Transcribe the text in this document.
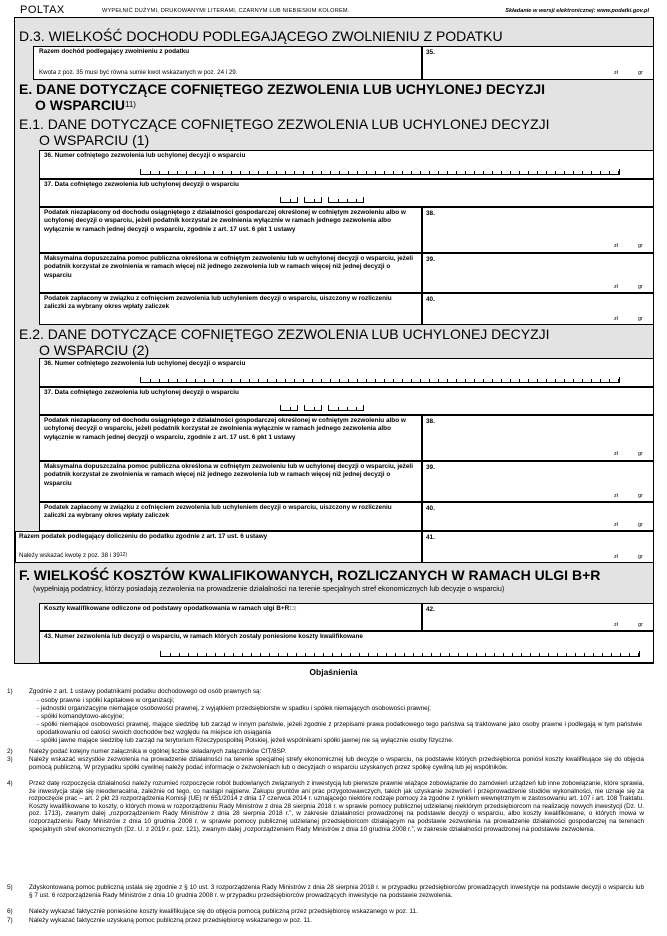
POLTAX	WYPEŁNIĆ DUŻYMI, DRUKOWANYMI LITERAMI, CZARNYM LUB NIEBIESKIM KOLOREM.	Składanie w wersji elektronicznej: www.podatki.gov.pl
D.3. WIELKOŚĆ DOCHODU PODLEGAJĄCEGO ZWOLNIENIU Z PODATKU
Razem dochód podlegający zwolnieniu z podatku
Kwota z poz. 35 musi być równa sumie kwot wskazanych w poz. 24 i 29.
35.
zł	gr
E. DANE DOTYCZĄCE COFNIĘTEGO ZEZWOLENIA LUB UCHYLONEJ DECYZJI
O WSPARCIU$^{11)}$
E.1. DANE DOTYCZĄCE COFNIĘTEGO ZEZWOLENIA LUB UCHYLONEJ DECYZJI
O WSPARCIU (1)
36. Numer cofniętego zezwolenia lub uchylonej decyzji o wsparciu
37. Data cofniętego zezwolenia lub uchylonej decyzji o wsparciu
Podatek niezapłacony od dochodu osiągniętego z działalności gospodarczej określonej w cofniętym zezwoleniu albo w uchylonej decyzji o wsparciu, jeżeli podatnik korzystał ze zwolnienia wyłącznie w ramach jednego zezwolenia albo wyłącznie w ramach jednej decyzji o wsparciu, zgodnie z art. 17 ust. 6 pkt 1 ustawy
38.
zł	gr
Maksymalna dopuszczalna pomoc publiczna określona w cofniętym zezwoleniu lub w uchylonej decyzji o wsparciu, jeżeli podatnik korzystał ze zwolnienia w ramach więcej niż jednego zezwolenia lub w ramach więcej niż jednej decyzji o wsparciu
39.
zł	gr
Podatek zapłacony w związku z cofnięciem zezwolenia lub uchyleniem decyzji o wsparciu, uiszczony w rozliczeniu zaliczki za wybrany okres wpłaty zaliczek
40.
zł	gr
E.2. DANE DOTYCZĄCE COFNIĘTEGO ZEZWOLENIA LUB UCHYLONEJ DECYZJI
O WSPARCIU (2)
36. Numer cofniętego zezwolenia lub uchylonej decyzji o wsparciu
37. Data cofniętego zezwolenia lub uchylonej decyzji o wsparciu
Podatek niezapłacony od dochodu osiągniętego z działalności gospodarczej określonej w cofniętym zezwoleniu albo w uchylonej decyzji o wsparciu, jeżeli podatnik korzystał ze zwolnienia wyłącznie w ramach jednego zezwolenia albo wyłącznie w ramach jednej decyzji o wsparciu, zgodnie z art. 17 ust. 6 pkt 1 ustawy
38.
zł	gr
Maksymalna dopuszczalna pomoc publiczna określona w cofniętym zezwoleniu lub w uchylonej decyzji o wsparciu, jeżeli podatnik korzystał ze zwolnienia w ramach więcej niż jednego zezwolenia lub w ramach więcej niż jednej decyzji o wsparciu
39.
zł	gr
Podatek zapłacony w związku z cofnięciem zezwolenia lub uchyleniem decyzji o wsparciu, uiszczony w rozliczeniu zaliczki za wybrany okres wpłaty zaliczek
40.
zł	gr
Razem podatek podlegający doliczeniu do podatku zgodnie z art. 17 ust. 6 ustawy
Należy wskazać kwotę z poz. 38 i 39$^{12)}$
41.
zł	gr
F. WIELKOŚĆ KOSZTÓW KWALIFIKOWANYCH, ROZLICZANYCH W RAMACH ULGI B+R
(wypełniają podatnicy, którzy posiadają zezwolenia na prowadzenie działalności na terenie specjalnych stref ekonomicznych lub decyzje o wsparciu)
Koszty kwalifikowane odliczone od podstawy opodatkowania w ramach ulgi $B+R^{13)}$	42.
zł	gr
43. Numer zezwolenia lub decyzji o wsparciu, w ramach których zostały poniesione koszty kwalifikowane
Objaśnienia
1)	Zgodnie z art. 1 ustawy podatnikami podatku dochodowego od osób prawnych są:
- osoby prawne i spółki kapitałowe w organizacji;
- jednostki organizacyjne niemające osobowości prawnej, z wyjątkiem przedsiębiorstw w spadku i spółek niemających osobowości prawnej;
- spółki komandytowo-akcyjne;
- spółki niemające osobowości prawnej, mające siedzibę lub zarząd w innym państwie, jeżeli zgodnie z przepisami prawa podatkowego tego państwa są traktowane jako osoby prawne i podlegają w tym państwie opodatkowaniu od całości swoich dochodów bez względu na miejsce ich osiągania
- spółki jawne mające siedzibę lub zarząd na terytorium Rzeczypospolitej Polskiej, jeżeli wspólnikami spółki jawnej nie są wyłącznie osoby fizyczne.
2)	Należy podać kolejny numer załącznika w ogólnej liczbie składanych załączników CIT/8SP.
3)	Należy wskazać wszystkie zezwolenia na prowadzenie działalności na terenie specjalnej strefy ekonomicznej lub decyzje o wsparciu, na podstawie których przedsiębiorca poniósł koszty kwalifikujące się do objęcia pomocą publiczną. W przypadku spółki cywilnej należy podać informacje o zezwoleniach lub o decyzjach o wsparciu uzyskanych przez spółkę cywilną lub jej wspólników.
4)	Przez datę rozpoczęcia działalności należy rozumieć rozpoczęcie robót budowlanych związanych z inwestycją lub pierwsze prawnie wiążące zobowiązanie do zamówień urządzeń lub inne zobowiązanie, które sprawia, że inwestycja staje się nieodwracalna, zależnie od tego, co nastąpi najpierw. Zakupu gruntów ani prac przygotowawczych, takich jak uzyskanie zezwoleń i przeprowadzenie studiów wykonalności, nie uznaje się za rozpoczęcie prac – art. 2 pkt 23 rozporządzenia Komisji (UE) nr 651/2014 z dnia 17 czerwca 2014 r. uznającego niektóre rodzaje pomocy za zgodne z rynkiem wewnętrznym w zastosowaniu art. 107 i art. 108 Traktatu. Koszty kwalifikowane to koszty, o których mowa w rozporządzeniu Rady Ministrów z dnia 28 sierpnia 2018 r. w sprawie pomocy publicznej udzielanej niektórym przedsiębiorcom na realizację nowych inwestycji (Dz. U. poz. 1713), zwanym dalej „rozporządzeniem Rady Ministrów z dnia 28 sierpnia 2018 r.”, w zakresie działalności prowadzonej na podstawie decyzji o wsparciu, albo koszty kwalifikowane, o których mowa w rozporządzeniu Rady Ministrów z dnia 10 grudnia 2008 r. w sprawie pomocy publicznej udzielanej przedsiębiorcom działającym na podstawie zezwolenia na prowadzenie działalności gospodarczej na terenach specjalnych stref ekonomicznych (Dz. U. z 2019 r. poz. 121), zwanym dalej „rozporządzeniem Rady Ministrów z dnia 10 grudnia 2008 r.”, w zakresie działalności prowadzonej na podstawie zezwolenia.
5)	Zdyskontowaną pomoc publiczną ustala się zgodnie z § 10 ust. 3 rozporządzenia Rady Ministrów z dnia 28 sierpnia 2018 r. w przypadku przedsiębiorców prowadzących inwestycje na podstawie decyzji o wsparciu lub § 7 ust. 6 rozporządzenia Rady Ministrów z dnia 10 grudnia 2008 r. w przypadku przedsiębiorców prowadzących inwestycje na podstawie zezwolenia.
6)	Należy wykazać faktycznie poniesione koszty kwalifikujące się do objęcia pomocą publiczną przez przedsiębiorcę wskazanego w poz. 11.
7)	Należy wykazać faktycznie uzyskaną pomoc publiczną przez przedsiębiorcę wskazanego w poz. 11.
